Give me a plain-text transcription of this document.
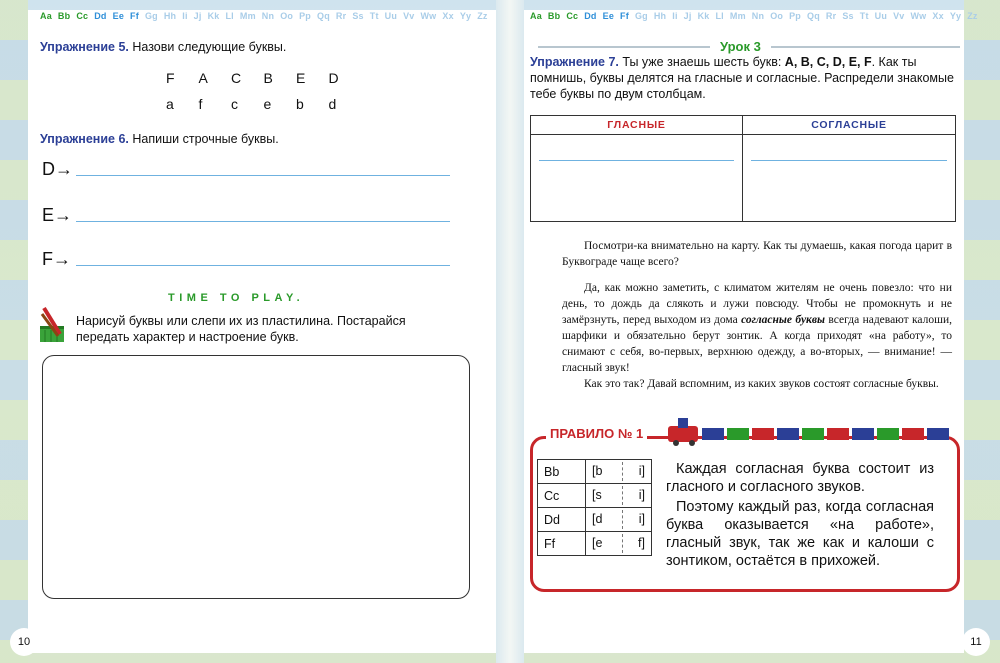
Aa Bb Cc Dd Ee Ff Gg Hh Ii Jj Kk Ll Mm Nn Oo Pp Qq Rr Ss Tt Uu Vv Ww Xx Yy Zz
Упражнение 5. Назови следующие буквы.
F A C B E D
a f c e b d
Упражнение 6. Напиши строчные буквы.
D→
E→
F→
TIME TO PLAY.
Нарисуй буквы или слепи их из пластилина. Постарайся передать характер и настроение букв.
10
Aa Bb Cc Dd Ee Ff Gg Hh Ii Jj Kk Ll Mm Nn Oo Pp Qq Rr Ss Tt Uu Vv Ww Xx Yy Zz
Урок 3
Упражнение 7. Ты уже знаешь шесть букв: A, B, C, D, E, F. Как ты помнишь, буквы делятся на гласные и согласные. Распредели знакомые тебе буквы по двум столбцам.
ГЛАСНЫЕ	СОГЛАСНЫЕ

Посмотри-ка внимательно на карту. Как ты думаешь, какая погода царит в Буквограде чаще всего?

Да, как можно заметить, с климатом жителям не очень повезло: что ни день, то дождь да слякоть и лужи повсюду. Чтобы не промокнуть и не замёрзнуть, перед выходом из дома согласные буквы всегда надевают калоши, шарфики и обязательно берут зонтик. А когда приходят «на работу», то снимают с себя, во-первых, верхнюю одежду, а во-вторых, — внимание! — гласный звук!

Как это так? Давай вспомним, из каких звуков состоят согласные буквы.

ПРАВИЛО № 1
Bb	[b i]

Cc	[s i]

Dd	[d i]

Ff	[e f]

Каждая согласная буква состоит из гласного и согласного звуков.

Поэтому каждый раз, когда согласная буква оказывается «на работе», гласный звук, так же как и калоши с зонтиком, остаётся в прихожей.

11
